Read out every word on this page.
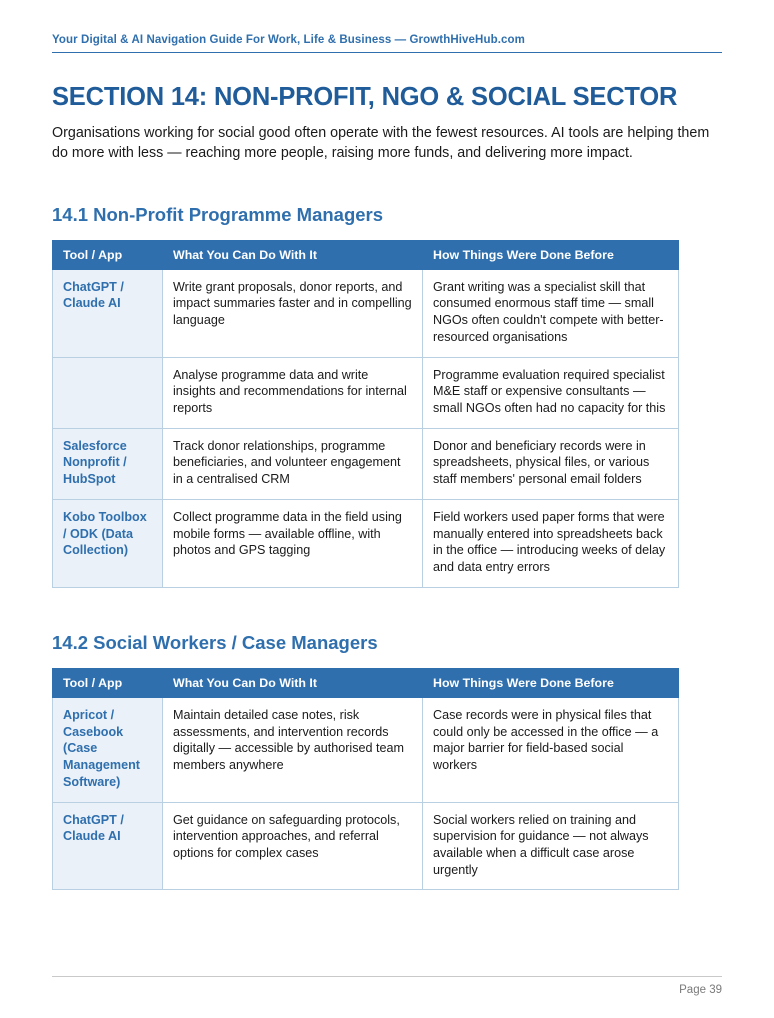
Your Digital & AI Navigation Guide For Work, Life & Business — GrowthHiveHub.com
SECTION 14: NON-PROFIT, NGO & SOCIAL SECTOR
Organisations working for social good often operate with the fewest resources. AI tools are helping them do more with less — reaching more people, raising more funds, and delivering more impact.
14.1 Non-Profit Programme Managers
Tool / App	What You Can Do With It	How Things Were Done Before
ChatGPT / Claude AI	Write grant proposals, donor reports, and impact summaries faster and in compelling language	Grant writing was a specialist skill that consumed enormous staff time — small NGOs often couldn't compete with better-resourced organisations
	Analyse programme data and write insights and recommendations for internal reports	Programme evaluation required specialist M&E staff or expensive consultants — small NGOs often had no capacity for this
Salesforce Nonprofit / HubSpot	Track donor relationships, programme beneficiaries, and volunteer engagement in a centralised CRM	Donor and beneficiary records were in spreadsheets, physical files, or various staff members' personal email folders
Kobo Toolbox / ODK (Data Collection)	Collect programme data in the field using mobile forms — available offline, with photos and GPS tagging	Field workers used paper forms that were manually entered into spreadsheets back in the office — introducing weeks of delay and data entry errors
14.2 Social Workers / Case Managers
Tool / App	What You Can Do With It	How Things Were Done Before
Apricot / Casebook (Case Management Software)	Maintain detailed case notes, risk assessments, and intervention records digitally — accessible by authorised team members anywhere	Case records were in physical files that could only be accessed in the office — a major barrier for field-based social workers
ChatGPT / Claude AI	Get guidance on safeguarding protocols, intervention approaches, and referral options for complex cases	Social workers relied on training and supervision for guidance — not always available when a difficult case arose urgently
Page 39
